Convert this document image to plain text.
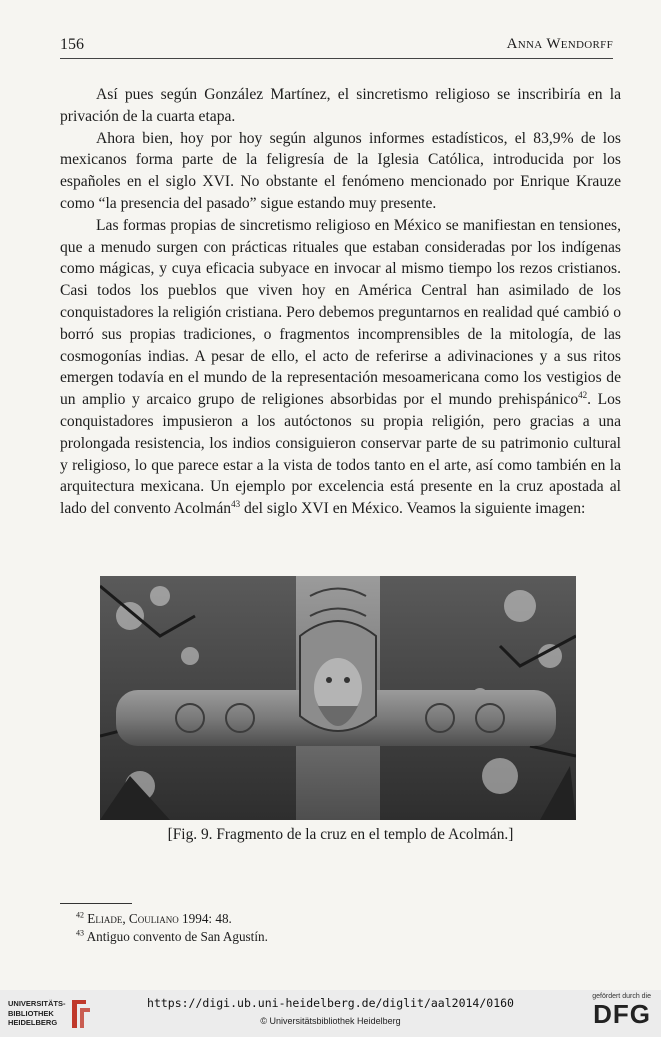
156	Anna Wendorff

Así pues según González Martínez, el sincretismo religioso se inscribiría en la privación de la cuarta etapa.

Ahora bien, hoy por hoy según algunos informes estadísticos, el 83,9% de los mexicanos forma parte de la feligresía de la Iglesia Católica, introducida por los españoles en el siglo XVI. No obstante el fenómeno mencionado por Enrique Krauze como “la presencia del pasado” sigue estando muy presente.

Las formas propias de sincretismo religioso en México se manifiestan en tensiones, que a menudo surgen con prácticas rituales que estaban consideradas por los indígenas como mágicas, y cuya eficacia subyace en invocar al mismo tiempo los rezos cristianos. Casi todos los pueblos que viven hoy en América Central han asimilado de los conquistadores la religión cristiana. Pero debemos preguntarnos en realidad qué cambió o borró sus propias tradiciones, o fragmentos incomprensibles de la mitología, de las cosmogonías indias. A pesar de ello, el acto de referirse a adivinaciones y a sus ritos emergen todavía en el mundo de la representación mesoamericana como los vestigios de un amplio y arcaico grupo de religiones absorbidas por el mundo prehispánico$^{42}$. Los conquistadores impusieron a los autóctonos su propia religión, pero gracias a una prolongada resistencia, los indios consiguieron conservar parte de su patrimonio cultural y religioso, lo que parece estar a la vista de todos tanto en el arte, así como también en la arquitectura mexicana. Un ejemplo por excelencia está presente en la cruz apostada al lado del convento Acolmán$^{43}$ del siglo XVI en México. Veamos la siguiente imagen:

[Fig. 9. Fragmento de la cruz en el templo de Acolmán.]
$^{42}$ Eliade, Couliano 1994: 48.
$^{43}$ Antiguo convento de San Agustín.
UNIVERSITÄTS-
BIBLIOTHEK
HEIDELBERG
https://digi.ub.uni-heidelberg.de/diglit/aal2014/0160
© Universitätsbibliothek Heidelberg
gefördert durch die
DFG
